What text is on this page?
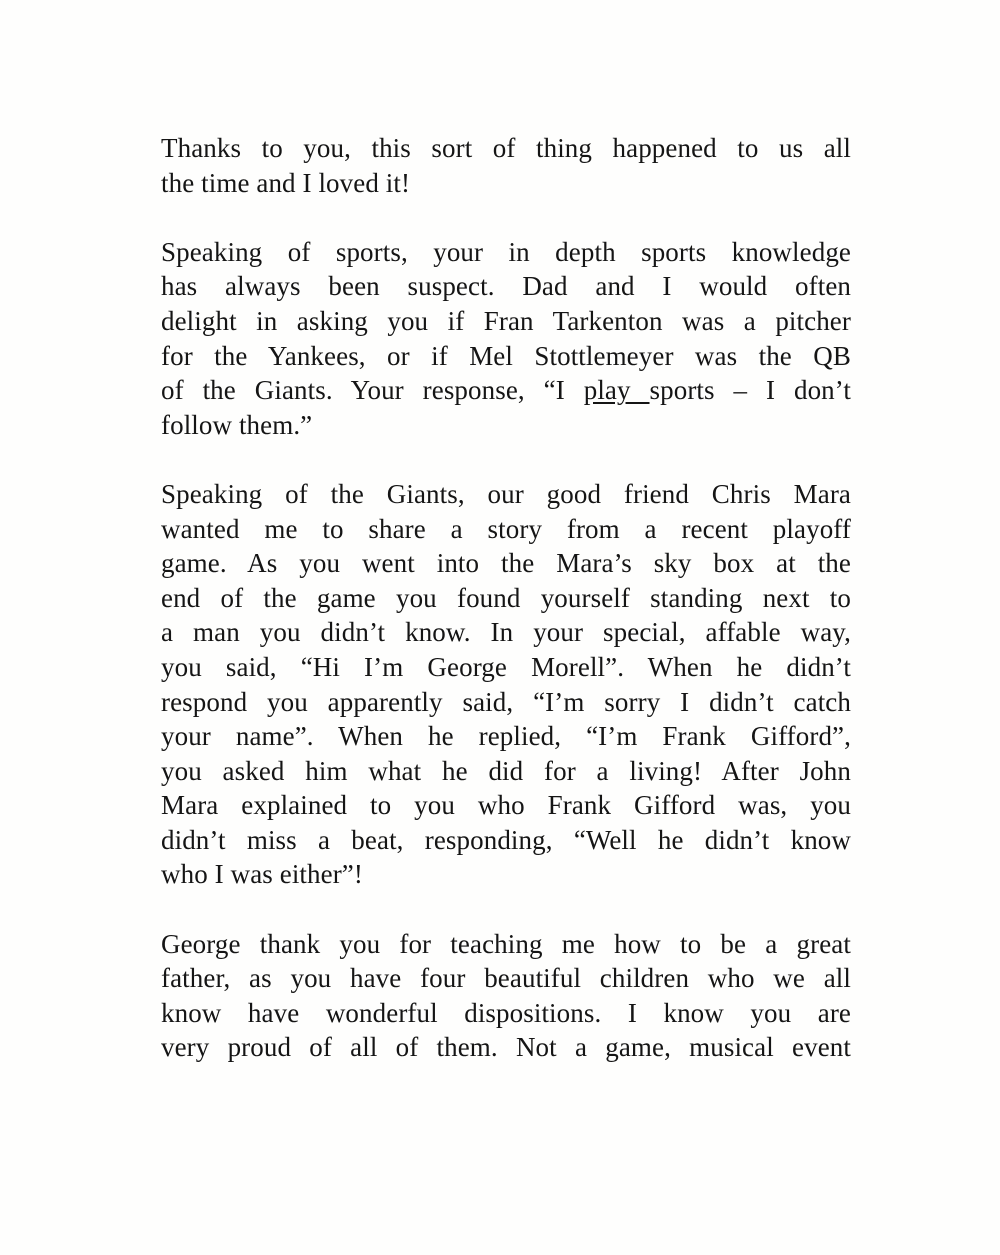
Thanks to you, this sort of thing happened to us all
the time and I loved it!

Speaking of sports, your in depth sports knowledge
has always been suspect. Dad and I would often
delight in asking you if Fran Tarkenton was a pitcher
for the Yankees, or if Mel Stottlemeyer was the QB
of the Giants. Your response, “I play sports – I don’t
follow them.”

Speaking of the Giants, our good friend Chris Mara
wanted me to share a story from a recent playoff
game. As you went into the Mara’s sky box at the
end of the game you found yourself standing next to
a man you didn’t know. In your special, affable way,
you said, “Hi I’m George Morell”. When he didn’t
respond you apparently said, “I’m sorry I didn’t catch
your name”. When he replied, “I’m Frank Gifford”,
you asked him what he did for a living! After John
Mara explained to you who Frank Gifford was, you
didn’t miss a beat, responding, “Well he didn’t know
who I was either”!

George thank you for teaching me how to be a great
father, as you have four beautiful children who we all
know have wonderful dispositions. I know you are
very proud of all of them. Not a game, musical event
